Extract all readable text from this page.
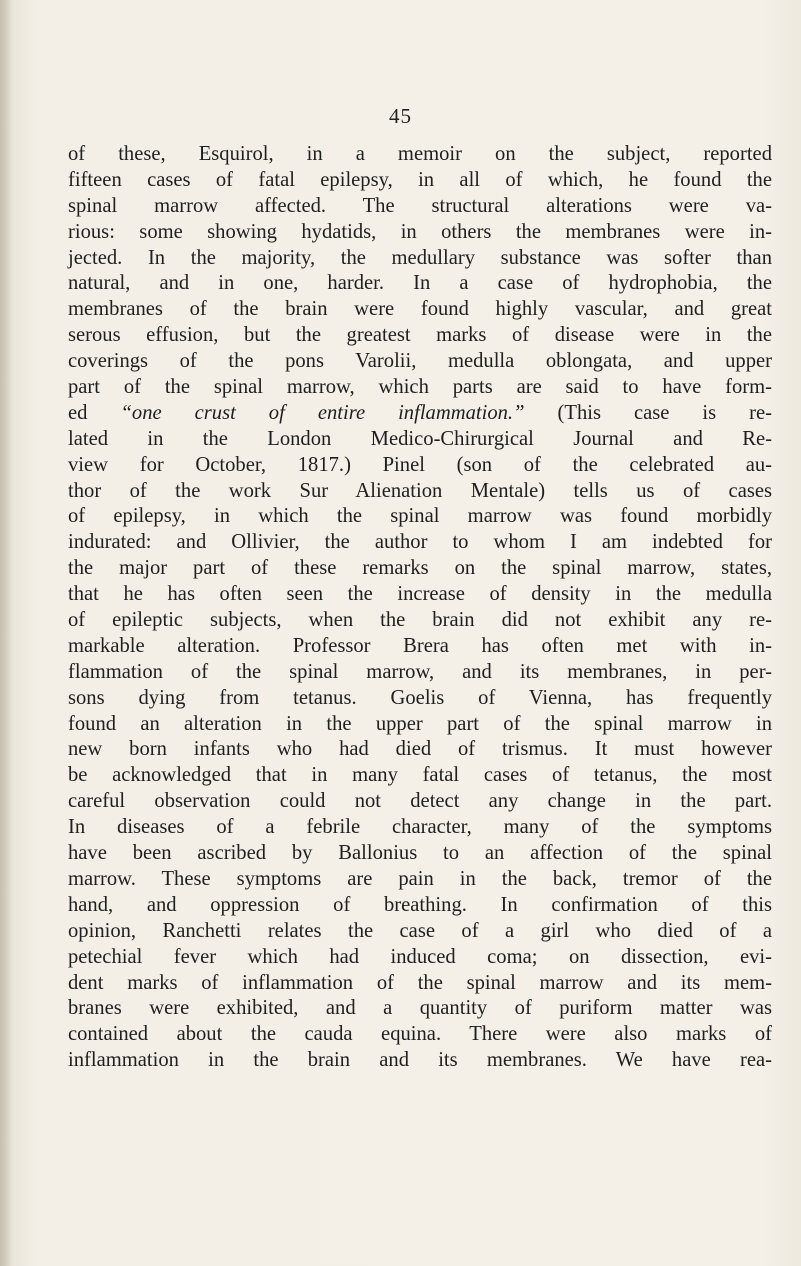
45
of these, Esquirol, in a memoir on the subject, reported
fifteen cases of fatal epilepsy, in all of which, he found the
spinal marrow affected. The structural alterations were va-
rious: some showing hydatids, in others the membranes were in-
jected. In the majority, the medullary substance was softer than
natural, and in one, harder. In a case of hydrophobia, the
membranes of the brain were found highly vascular, and great
serous effusion, but the greatest marks of disease were in the
coverings of the pons Varolii, medulla oblongata, and upper
part of the spinal marrow, which parts are said to have form-
ed “one crust of entire inflammation.” (This case is re-
lated in the London Medico-Chirurgical Journal and Re-
view for October, 1817.) Pinel (son of the celebrated au-
thor of the work Sur Alienation Mentale) tells us of cases
of epilepsy, in which the spinal marrow was found morbidly
indurated: and Ollivier, the author to whom I am indebted for
the major part of these remarks on the spinal marrow, states,
that he has often seen the increase of density in the medulla
of epileptic subjects, when the brain did not exhibit any re-
markable alteration. Professor Brera has often met with in-
flammation of the spinal marrow, and its membranes, in per-
sons dying from tetanus. Goelis of Vienna, has frequently
found an alteration in the upper part of the spinal marrow in
new born infants who had died of trismus. It must however
be acknowledged that in many fatal cases of tetanus, the most
careful observation could not detect any change in the part.
In diseases of a febrile character, many of the symptoms
have been ascribed by Ballonius to an affection of the spinal
marrow. These symptoms are pain in the back, tremor of the
hand, and oppression of breathing. In confirmation of this
opinion, Ranchetti relates the case of a girl who died of a
petechial fever which had induced coma; on dissection, evi-
dent marks of inflammation of the spinal marrow and its mem-
branes were exhibited, and a quantity of puriform matter was
contained about the cauda equina. There were also marks of
inflammation in the brain and its membranes. We have rea-
